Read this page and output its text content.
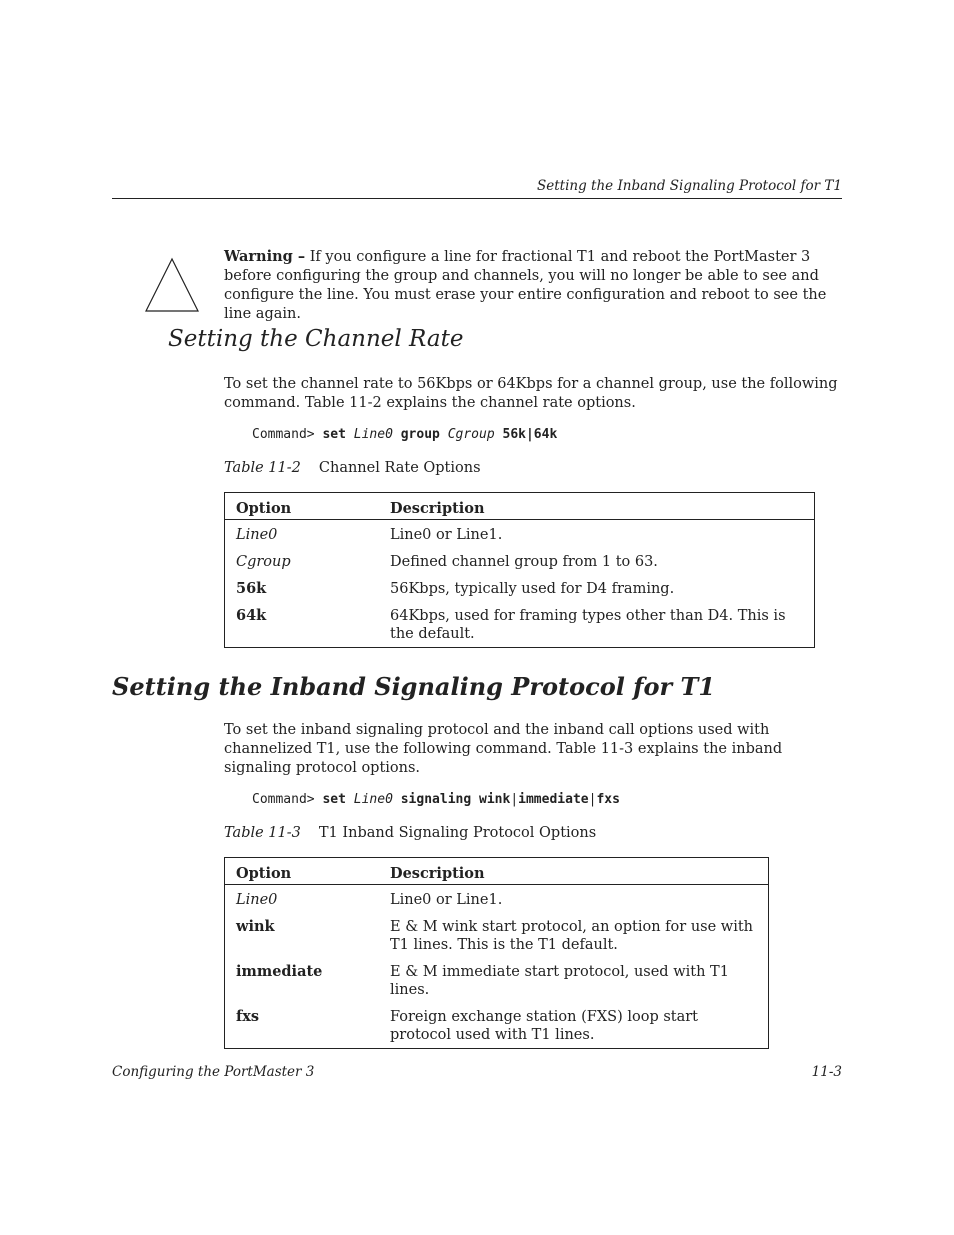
Setting the Inband Signaling Protocol for T1
Warning – If you configure a line for fractional T1 and reboot the PortMaster 3 before configuring the group and channels, you will no longer be able to see and configure the line. You must erase your entire configuration and reboot to see the line again.
Setting the Channel Rate
To set the channel rate to 56Kbps or 64Kbps for a channel group, use the following command. Table 11-2 explains the channel rate options.
Command> set Line0 group Cgroup 56k|64k
Table 11-2 Channel Rate Options
Option	Description
Line0	Line0 or Line1.
Cgroup	Defined channel group from 1 to 63.
56k	56Kbps, typically used for D4 framing.
64k	64Kbps, used for framing types other than D4. This is the default.
Setting the Inband Signaling Protocol for T1
To set the inband signaling protocol and the inband call options used with channelized T1, use the following command. Table 11-3 explains the inband signaling protocol options.
Command> set Line0 signaling wink|immediate|fxs
Table 11-3 T1 Inband Signaling Protocol Options
Option	Description
Line0	Line0 or Line1.
wink	E & M wink start protocol, an option for use with T1 lines. This is the T1 default.
immediate	E & M immediate start protocol, used with T1 lines.
fxs	Foreign exchange station (FXS) loop start protocol used with T1 lines.
Configuring the PortMaster 3	11-3
